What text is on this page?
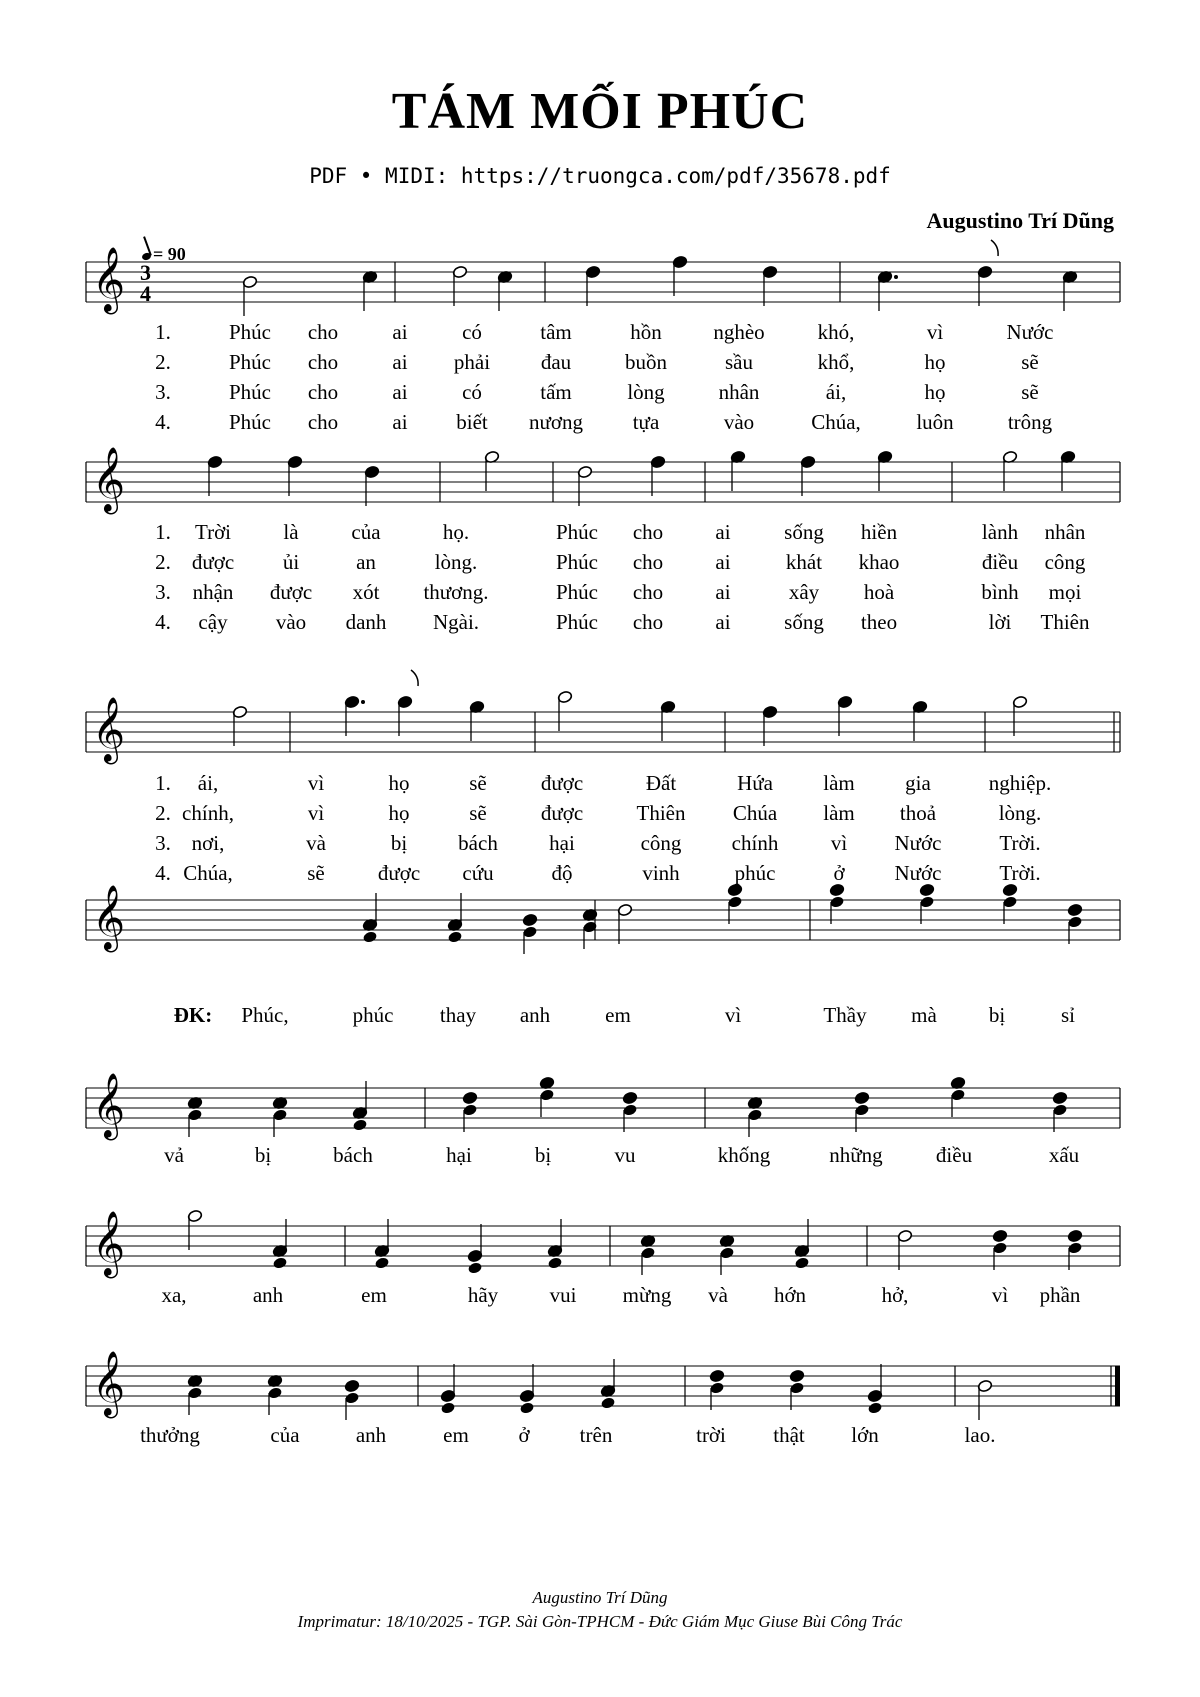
TÁM MỐI PHÚC
PDF • MIDI: https://truongca.com/pdf/35678.pdf
Augustino Trí Dũng
= 90
𝄞 3
4
𝄞
𝄞
𝄞
𝄞
𝄞
𝄞
1.	Phúc cho	ai	có	tâm	hồn nghèo	khó,	vì	Nước
2.	Phúc cho	ai phải đau	buồn	sầu	khổ,	họ	sẽ
3.	Phúc cho	ai	có	tấm	lòng	nhân	ái,	họ	sẽ
4.	Phúc cho	ai biết nương tựa	vào	Chúa,	luôn	trông
1. Trời là	của	họ.	Phúc cho ai	sống hiền	lành nhân
2. được ủi	an	lòng.	Phúc cho ai	khát khao	điều công
3. nhận được xót thương.	Phúc cho ai	xây hoà	bình mọi
4. cậy vào danh Ngài.	Phúc cho ai	sống theo	lời Thiên
1. ái,	vì	họ	sẽ	được	Đất	Hứa làm gia	nghiệp.
2. chính,	vì	họ	sẽ	được	Thiên Chúa làm thoả	lòng.
3. nơi,	và	bị bách hại	công chính	vì Nước	Trời.
4. Chúa,	sẽ	được cứu	độ	vinh	phúc	ở Nước	Trời.
ĐK: Phúc,	phúc thay anh	em	vì	Thầy mà bị	sỉ
vả	bị	bách	hại	bị	vu	khống	những	điều	xấu
xa,	anh	em	hãy vui mừng và hớn	hở,	vì phần
thưởng	của	anh	em ở trên	trời thật lớn	lao.
Augustino Trí Dũng
Imprimatur: 18/10/2025 - TGP. Sài Gòn-TPHCM - Đức Giám Mục Giuse Bùi Công Trác
